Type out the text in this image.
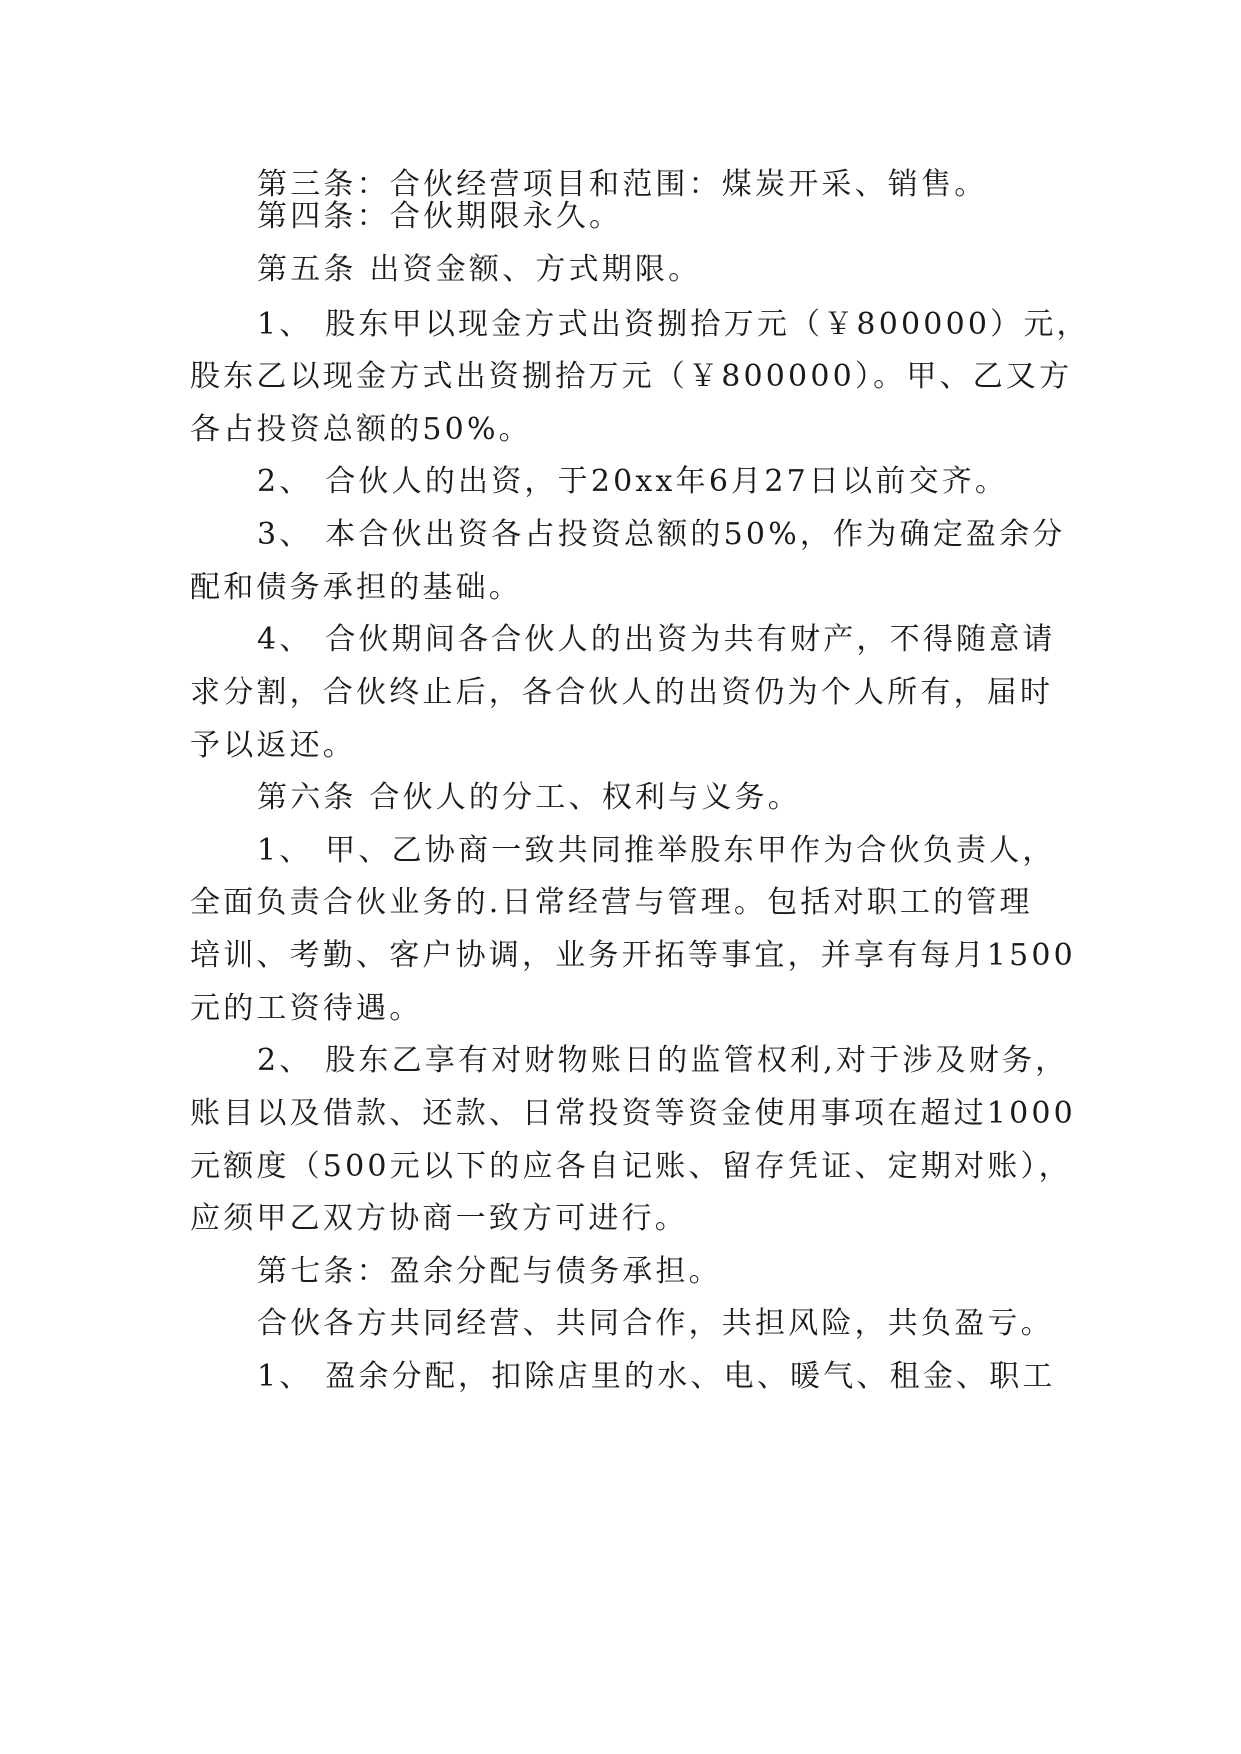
第三条：合伙经营项目和范围：煤炭开采、销售。
第四条：合伙期限永久。
第五条 出资金额、方式期限。
1、 股东甲以现金方式出资捌拾万元（￥800000）元，
股东乙以现金方式出资捌拾万元（￥800000）。甲、乙又方
各占投资总额的50%。
2、 合伙人的出资，于20xx年6月27日以前交齐。
3、 本合伙出资各占投资总额的50%，作为确定盈余分
配和债务承担的基础。
4、 合伙期间各合伙人的出资为共有财产，不得随意请
求分割，合伙终止后，各合伙人的出资仍为个人所有，届时
予以返还。
第六条 合伙人的分工、权利与义务。
1、 甲、乙协商一致共同推举股东甲作为合伙负责人，
全面负责合伙业务的.日常经营与管理。包括对职工的管理
培训、考勤、客户协调，业务开拓等事宜，并享有每月1500
元的工资待遇。
2、 股东乙享有对财物账日的监管权利,对于涉及财务，
账目以及借款、还款、日常投资等资金使用事项在超过1000
元额度（500元以下的应各自记账、留存凭证、定期对账），
应须甲乙双方协商一致方可进行。
第七条：盈余分配与债务承担。
合伙各方共同经营、共同合作，共担风险，共负盈亏。
1、 盈余分配，扣除店里的水、电、暖气、租金、职工
